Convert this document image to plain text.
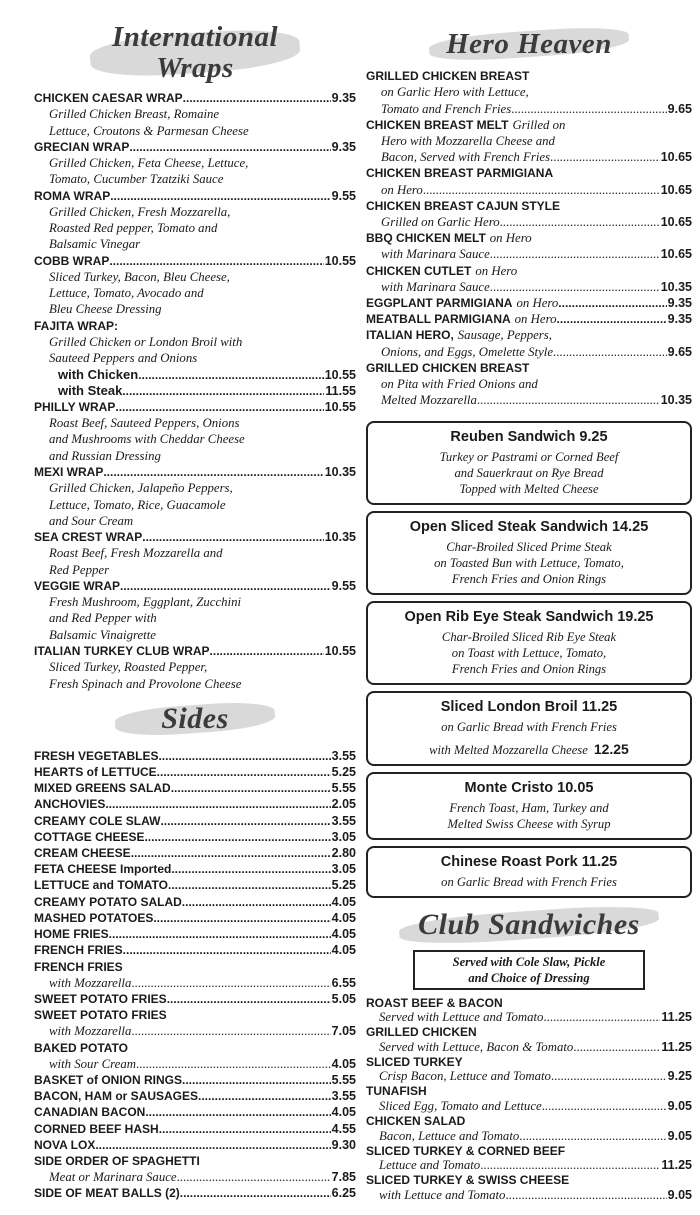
International
Wraps
CHICKEN CAESAR WRAP .....	9.35
Grilled Chicken Breast, Romaine
Lettuce, Croutons & Parmesan Cheese
GRECIAN WRAP .....	9.35
Grilled Chicken, Feta Cheese, Lettuce,
Tomato, Cucumber Tzatziki Sauce
ROMA WRAP .....	9.55
Grilled Chicken, Fresh Mozzarella,
Roasted Red pepper, Tomato and
Balsamic Vinegar
COBB WRAP .....	10.55
Sliced Turkey, Bacon, Bleu Cheese,
Lettuce, Tomato, Avocado and
Bleu Cheese Dressing
FAJITA WRAP:
Grilled Chicken or London Broil with
Sauteed Peppers and Onions
with Chicken .....	10.55
with Steak .....	11.55
PHILLY WRAP .....	10.55
Roast Beef, Sauteed Peppers, Onions
and Mushrooms with Cheddar Cheese
and Russian Dressing
MEXI WRAP .....	10.35
Grilled Chicken, Jalapeño Peppers,
Lettuce, Tomato, Rice, Guacamole
and Sour Cream
SEA CREST WRAP .....	10.35
Roast Beef, Fresh Mozzarella and
Red Pepper
VEGGIE WRAP .....	9.55
Fresh Mushroom, Eggplant, Zucchini
and Red Pepper with
Balsamic Vinaigrette
ITALIAN TURKEY CLUB WRAP .....	10.55
Sliced Turkey, Roasted Pepper,
Fresh Spinach and Provolone Cheese
Sides
FRESH VEGETABLES .....	3.55
HEARTS of LETTUCE .....	5.25
MIXED GREENS SALAD .....	5.55
ANCHOVIES .....	2.05
CREAMY COLE SLAW .....	3.55
COTTAGE CHEESE .....	3.05
CREAM CHEESE .....	2.80
FETA CHEESE Imported .....	3.05
LETTUCE and TOMATO .....	5.25
CREAMY POTATO SALAD .....	4.05
MASHED POTATOES .....	4.05
HOME FRIES .....	4.05
FRENCH FRIES .....	4.05
FRENCH FRIES
with Mozzarella .....	6.55
SWEET POTATO FRIES .....	5.05
SWEET POTATO FRIES
with Mozzarella .....	7.05
BAKED POTATO
with Sour Cream .....	4.05
BASKET of ONION RINGS .....	5.55
BACON, HAM or SAUSAGES .....	3.55
CANADIAN BACON .....	4.05
CORNED BEEF HASH .....	4.55
NOVA LOX .....	9.30
SIDE ORDER OF SPAGHETTI
Meat or Marinara Sauce .....	7.85
SIDE OF MEAT BALLS (2) .....	6.25
Hero Heaven
GRILLED CHICKEN BREAST
on Garlic Hero with Lettuce,
Tomato and French Fries .....	9.65
CHICKEN BREAST MELT Grilled on
Hero with Mozzarella Cheese and
Bacon, Served with French Fries .....	10.65
CHICKEN BREAST PARMIGIANA
on Hero .....	10.65
CHICKEN BREAST CAJUN STYLE
Grilled on Garlic Hero .....	10.65
BBQ CHICKEN MELT on Hero
with Marinara Sauce .....	10.65
CHICKEN CUTLET on Hero
with Marinara Sauce .....	10.35
EGGPLANT PARMIGIANA on Hero .....	9.35
MEATBALL PARMIGIANA on Hero .....	9.35
ITALIAN HERO, Sausage, Peppers,
Onions, and Eggs, Omelette Style .....	9.65
GRILLED CHICKEN BREAST
on Pita with Fried Onions and
Melted Mozzarella .....	10.35
Reuben Sandwich 9.25
Turkey or Pastrami or Corned Beef
and Sauerkraut on Rye Bread
Topped with Melted Cheese
Open Sliced Steak Sandwich 14.25
Char-Broiled Sliced Prime Steak
on Toasted Bun with Lettuce, Tomato,
French Fries and Onion Rings
Open Rib Eye Steak Sandwich 19.25
Char-Broiled Sliced Rib Eye Steak
on Toast with Lettuce, Tomato,
French Fries and Onion Rings
Sliced London Broil 11.25
on Garlic Bread with French Fries
with Melted Mozzarella Cheese 12.25
Monte Cristo 10.05
French Toast, Ham, Turkey and
Melted Swiss Cheese with Syrup
Chinese Roast Pork 11.25
on Garlic Bread with French Fries
Club Sandwiches
Served with Cole Slaw, Pickle
and Choice of Dressing
ROAST BEEF & BACON
Served with Lettuce and Tomato .....	11.25
GRILLED CHICKEN
Served with Lettuce, Bacon & Tomato .....	11.25
SLICED TURKEY
Crisp Bacon, Lettuce and Tomato .....	9.25
TUNAFISH
Sliced Egg, Tomato and Lettuce .....	9.05
CHICKEN SALAD
Bacon, Lettuce and Tomato .....	9.05
SLICED TURKEY & CORNED BEEF
Lettuce and Tomato .....	11.25
SLICED TURKEY & SWISS CHEESE
with Lettuce and Tomato .....	9.05
